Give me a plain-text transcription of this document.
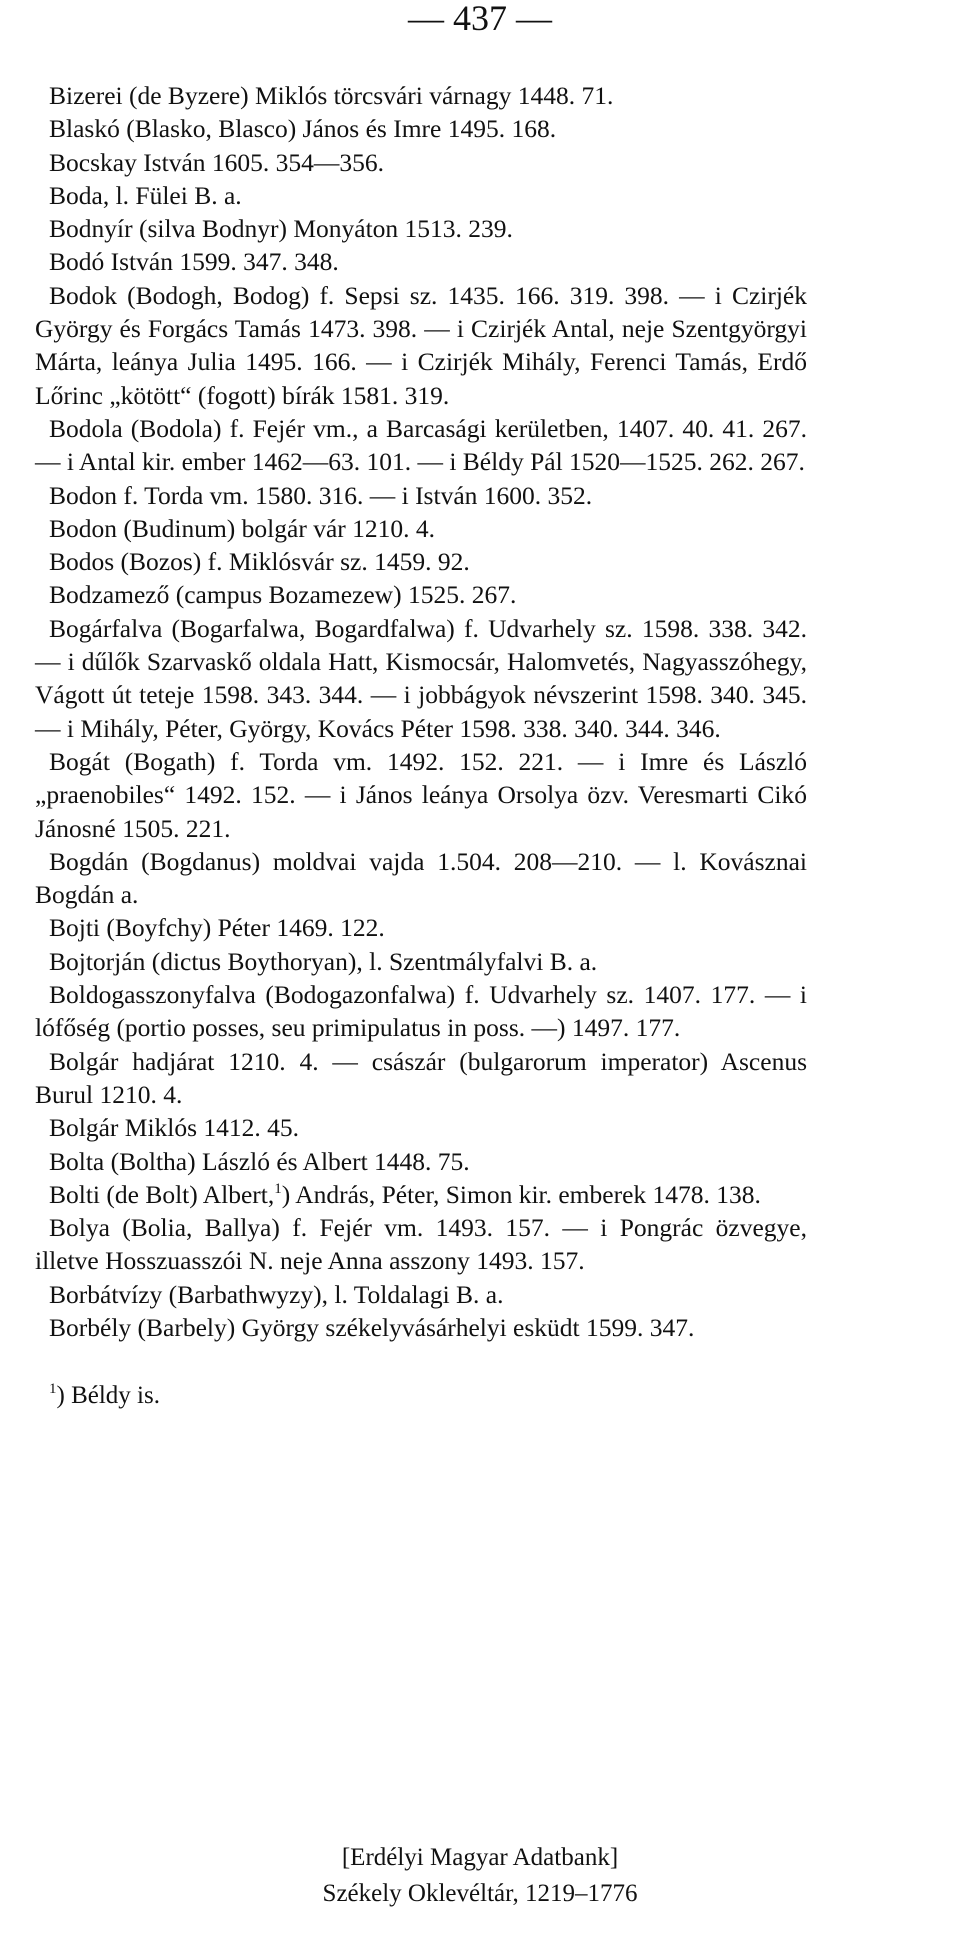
— 437 —

Bizerei (de Byzere) Miklós törcsvári várnagy 1448. 71.

Blaskó (Blasko, Blasco) János és Imre 1495. 168.

Bocskay István 1605. 354—356.

Boda, l. Fülei B. a.

Bodnyír (silva Bodnyr) Monyáton 1513. 239.

Bodó István 1599. 347. 348.

Bodok (Bodogh, Bodog) f. Sepsi sz. 1435. 166. 319. 398. — i Czirjék György és Forgács Tamás 1473. 398. — i Czirjék Antal, neje Szentgyörgyi Márta, leánya Julia 1495. 166. — i Czirjék Mihály, Ferenci Tamás, Erdő Lőrinc „kötött“ (fogott) bírák 1581. 319.

Bodola (Bodola) f. Fejér vm., a Barcasági kerületben, 1407. 40. 41. 267. — i Antal kir. ember 1462—63. 101. — i Béldy Pál 1520—1525. 262. 267.

Bodon f. Torda vm. 1580. 316. — i István 1600. 352.

Bodon (Budinum) bolgár vár 1210. 4.

Bodos (Bozos) f. Miklósvár sz. 1459. 92.

Bodzamező (campus Bozamezew) 1525. 267.

Bogárfalva (Bogarfalwa, Bogardfalwa) f. Udvarhely sz. 1598. 338. 342. — i dűlők Szarvaskő oldala Hatt, Kismocsár, Halomvetés, Nagyasszóhegy, Vágott út teteje 1598. 343. 344. — i jobbágyok névszerint 1598. 340. 345. — i Mihály, Péter, György, Kovács Péter 1598. 338. 340. 344. 346.

Bogát (Bogath) f. Torda vm. 1492. 152. 221. — i Imre és László „praenobiles“ 1492. 152. — i János leánya Orsolya özv. Veresmarti Cikó Jánosné 1505. 221.

Bogdán (Bogdanus) moldvai vajda 1.504. 208—210. — l. Kovásznai Bogdán a.

Bojti (Boyfchy) Péter 1469. 122.

Bojtorján (dictus Boythoryan), l. Szentmályfalvi B. a.

Boldogasszonyfalva (Bodogazonfalwa) f. Udvarhely sz. 1407. 177. — i lófőség (portio posses, seu primipulatus in poss. —) 1497. 177.

Bolgár hadjárat 1210. 4. — császár (bulgarorum imperator) Ascenus Burul 1210. 4.

Bolgár Miklós 1412. 45.

Bolta (Boltha) László és Albert 1448. 75.

Bolti (de Bolt) Albert,$^1$) András, Péter, Simon kir. emberek 1478. 138.

Bolya (Bolia, Ballya) f. Fejér vm. 1493. 157. — i Pongrác özvegye, illetve Hosszuasszói N. neje Anna asszony 1493. 157.

Borbátvízy (Barbathwyzy), l. Toldalagi B. a.

Borbély (Barbely) György székelyvásárhelyi esküdt 1599. 347.

$^1$) Béldy is.

[Erdélyi Magyar Adatbank]
Székely Oklevéltár, 1219–1776
